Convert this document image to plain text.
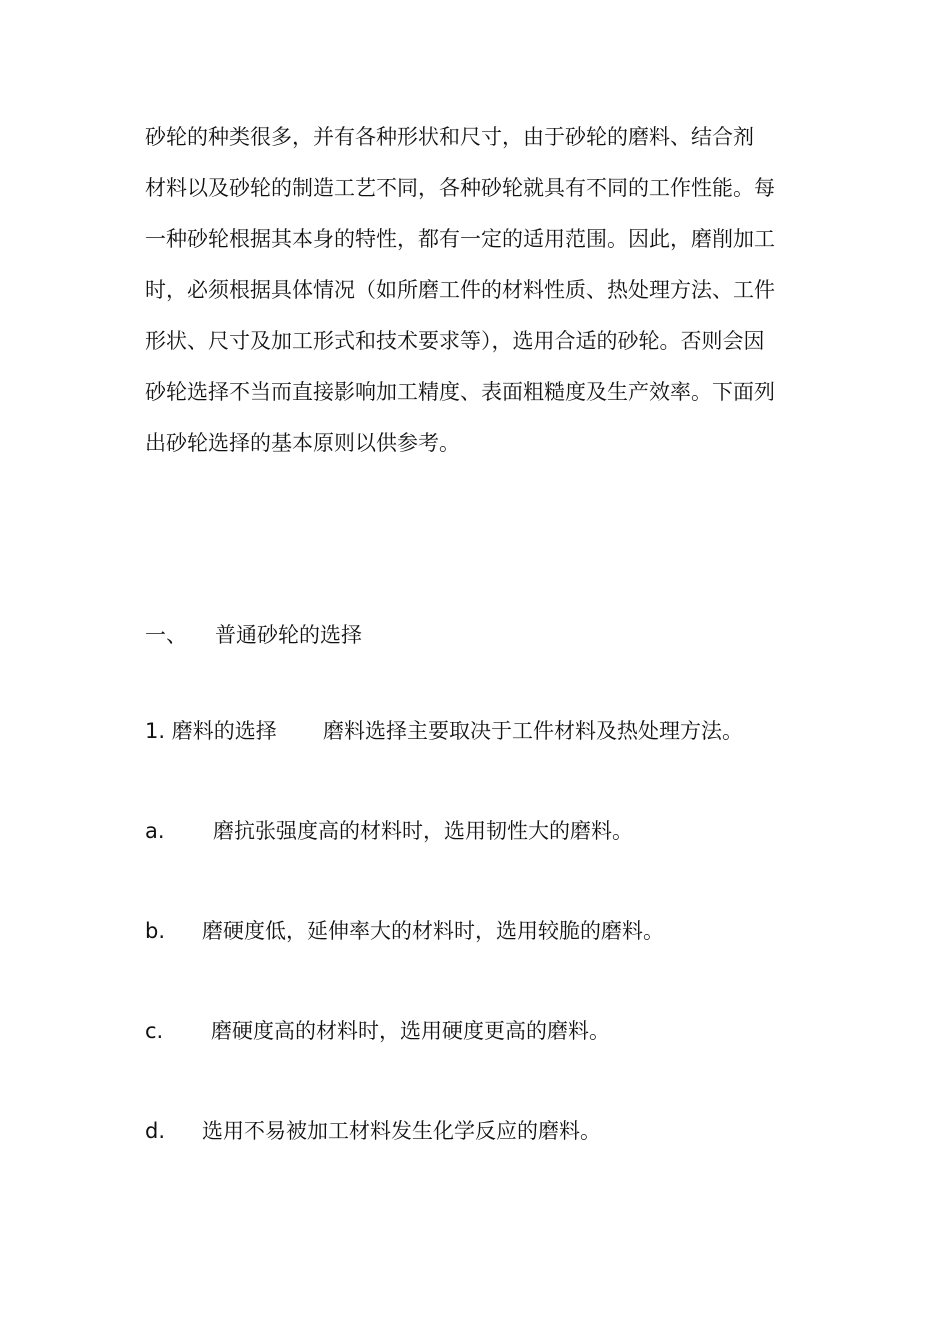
砂轮的种类很多，并有各种形状和尺寸，由于砂轮的磨料、结合剂
材料以及砂轮的制造工艺不同，各种砂轮就具有不同的工作性能。每
一种砂轮根据其本身的特性，都有一定的适用范围。因此，磨削加工
时，必须根据具体情况（如所磨工件的材料性质、热处理方法、工件
形状、尺寸及加工形式和技术要求等），选用合适的砂轮。否则会因
砂轮选择不当而直接影响加工精度、表面粗糙度及生产效率。下面列
出砂轮选择的基本原则以供参考。
一、 普通砂轮的选择
1. 磨料的选择 磨料选择主要取决于工件材料及热处理方法。
a. 磨抗张强度高的材料时，选用韧性大的磨料。
b. 磨硬度低，延伸率大的材料时，选用较脆的磨料。
c. 磨硬度高的材料时，选用硬度更高的磨料。
d. 选用不易被加工材料发生化学反应的磨料。
